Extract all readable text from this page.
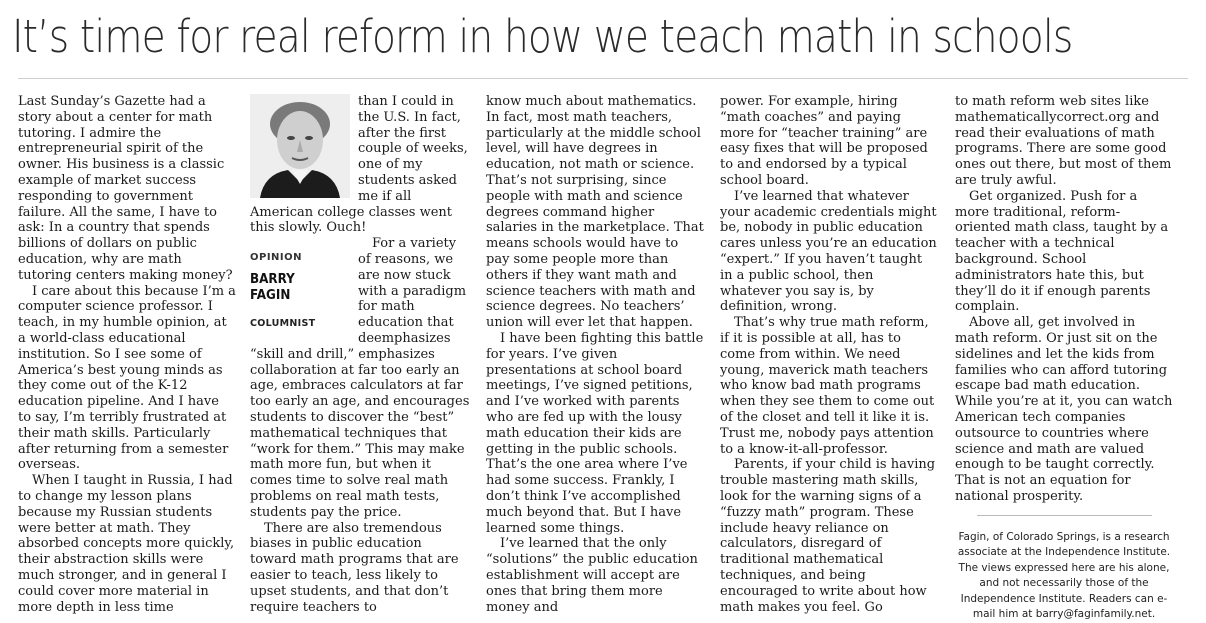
It’s time for real reform in how we teach math in schools

Last Sunday’s Gazette had a story about a center for math tutoring. I admire the entrepreneurial spirit of the owner. His business is a classic example of market success responding to government failure. All the same, I have to ask: In a country that spends billions of dollars on public education, why are math tutoring centers making money?

I care about this because I’m a computer science professor. I teach, in my humble opinion, at a world-class educational institution. So I see some of America’s best young minds as they come out of the K-12 education pipeline. And I have to say, I’m terribly frustrated at their math skills. Particularly after returning from a semester overseas.

When I taught in Russia, I had to change my lesson plans because my Russian students were better at math. They absorbed concepts more quickly, their abstraction skills were much stronger, and in general I could cover more material in more depth in less time

than I could in the U.S. In fact, after the first couple of weeks, one of my students asked me if all American college classes went this slowly. Ouch!

OPINION
BARRY
FAGIN
COLUMNIST

For a variety of reasons, we are now stuck with a paradigm for math education that deemphasizes “skill and drill,” emphasizes collaboration at far too early an age, embraces calculators at far too early an age, and encourages students to discover the “best” mathematical techniques that “work for them.” This may make math more fun, but when it comes time to solve real math problems on real math tests, students pay the price.

There are also tremendous biases in public education toward math programs that are easier to teach, less likely to upset students, and that don’t require teachers to

know much about mathematics. In fact, most math teachers, particularly at the middle school level, will have degrees in education, not math or science. That’s not surprising, since people with math and science degrees command higher salaries in the marketplace. That means schools would have to pay some people more than others if they want math and science teachers with math and science degrees. No teachers’ union will ever let that happen.

I have been fighting this battle for years. I’ve given presentations at school board meetings, I’ve signed petitions, and I’ve worked with parents who are fed up with the lousy math education their kids are getting in the public schools. That’s the one area where I’ve had some success. Frankly, I don’t think I’ve accomplished much beyond that. But I have learned some things.

I’ve learned that the only “solutions” the public education establishment will accept are ones that bring them more money and

power. For example, hiring “math coaches” and paying more for “teacher training” are easy fixes that will be proposed to and endorsed by a typical school board.

I’ve learned that whatever your academic credentials might be, nobody in public education cares unless you’re an education “expert.” If you haven’t taught in a public school, then whatever you say is, by definition, wrong.

That’s why true math reform, if it is possible at all, has to come from within. We need young, maverick math teachers who know bad math programs when they see them to come out of the closet and tell it like it is. Trust me, nobody pays attention to a know-it-all-professor.

Parents, if your child is having trouble mastering math skills, look for the warning signs of a “fuzzy math” program. These include heavy reliance on calculators, disregard of traditional mathematical techniques, and being encouraged to write about how math makes you feel. Go

to math reform web sites like mathematicallycorrect.org and read their evaluations of math programs. There are some good ones out there, but most of them are truly awful.

Get organized. Push for a more traditional, reform-oriented math class, taught by a teacher with a technical background. School administrators hate this, but they’ll do it if enough parents complain.

Above all, get involved in math reform. Or just sit on the sidelines and let the kids from families who can afford tutoring escape bad math education. While you’re at it, you can watch American tech companies outsource to countries where science and math are valued enough to be taught correctly. That is not an equation for national prosperity.

Fagin, of Colorado Springs, is a research associate at the Independence Institute. The views expressed here are his alone, and not necessarily those of the Independence Institute. Readers can e-mail him at barry@faginfamily.net.
